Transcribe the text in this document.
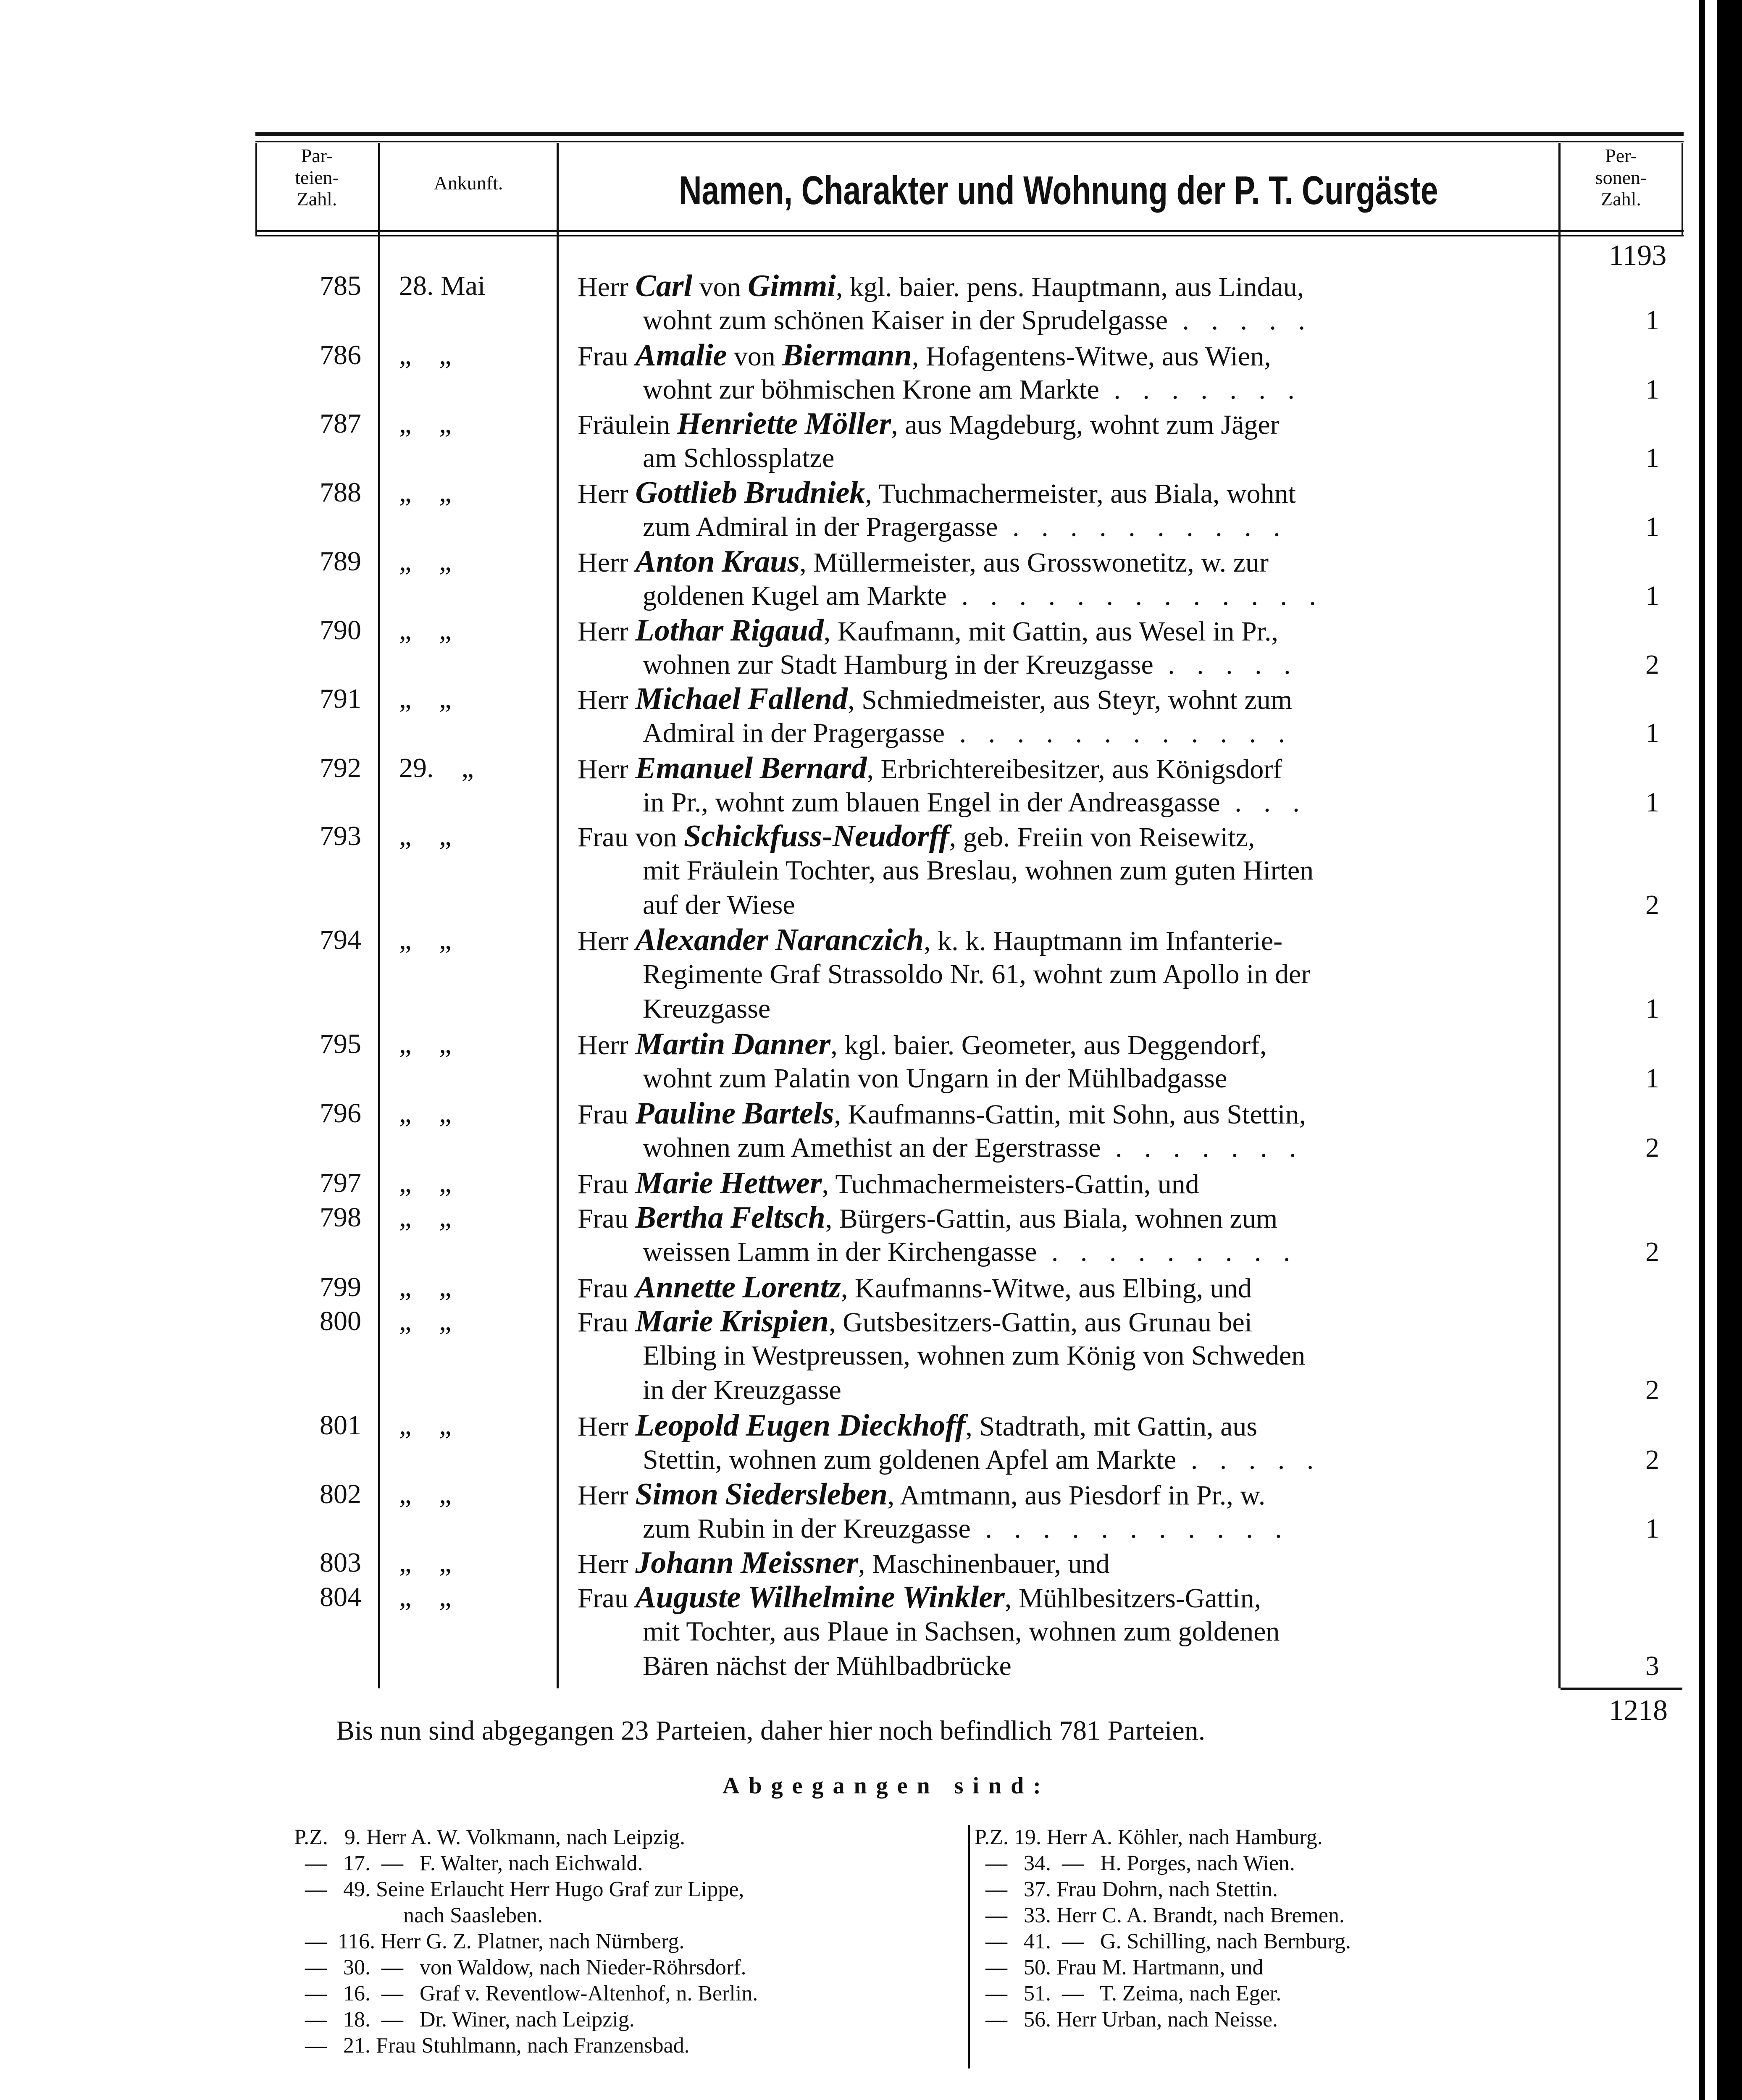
Par-
teien-
Zahl.
Ankunft.	Namen, Charakter und Wohnung der P. T. Curgäste
Per-
sonen-
Zahl.
1193
785 28. Mai	Herr Carl von Gimmi, kgl. baier. pens. Hauptmann, aus Lindau,
wohnt zum schönen Kaiser in der Sprudelgasse . . . . .	1
786 „    „	Frau Amalie von Biermann, Hofagentens-Witwe, aus Wien,
wohnt zur böhmischen Krone am Markte . . . . . . .	1
787 „    „	Fräulein Henriette Möller, aus Magdeburg, wohnt zum Jäger
am Schlossplatze	1
788 „    „	Herr Gottlieb Brudniek, Tuchmachermeister, aus Biala, wohnt
zum Admiral in der Pragergasse . . . . . . . . . .	1
789 „    „	Herr Anton Kraus, Müllermeister, aus Grosswonetitz, w. zur
goldenen Kugel am Markte . . . . . . . . . . . . .	1
790 „    „	Herr Lothar Rigaud, Kaufmann, mit Gattin, aus Wesel in Pr.,
wohnen zur Stadt Hamburg in der Kreuzgasse . . . . .	2
791 „    „	Herr Michael Fallend, Schmiedmeister, aus Steyr, wohnt zum
Admiral in der Pragergasse . . . . . . . . . . . .	1
792 29.    „	Herr Emanuel Bernard, Erbrichtereibesitzer, aus Königsdorf
in Pr., wohnt zum blauen Engel in der Andreasgasse . . .	1
793 „    „	Frau von Schickfuss-Neudorff, geb. Freiin von Reisewitz,
mit Fräulein Tochter, aus Breslau, wohnen zum guten Hirten
auf der Wiese	2
794 „    „	Herr Alexander Naranczich, k. k. Hauptmann im Infanterie-
Regimente Graf Strassoldo Nr. 61, wohnt zum Apollo in der
Kreuzgasse	1
795 „    „	Herr Martin Danner, kgl. baier. Geometer, aus Deggendorf,
wohnt zum Palatin von Ungarn in der Mühlbadgasse	1
796 „    „	Frau Pauline Bartels, Kaufmanns-Gattin, mit Sohn, aus Stettin,
wohnen zum Amethist an der Egerstrasse . . . . . . .	2
797 „    „	Frau Marie Hettwer, Tuchmachermeisters-Gattin, und
798 „    „	Frau Bertha Feltsch, Bürgers-Gattin, aus Biala, wohnen zum
weissen Lamm in der Kirchengasse . . . . . . . . .	2
799 „    „	Frau Annette Lorentz, Kaufmanns-Witwe, aus Elbing, und
800 „    „	Frau Marie Krispien, Gutsbesitzers-Gattin, aus Grunau bei
Elbing in Westpreussen, wohnen zum König von Schweden
in der Kreuzgasse	2
801 „    „	Herr Leopold Eugen Dieckhoff, Stadtrath, mit Gattin, aus
Stettin, wohnen zum goldenen Apfel am Markte . . . . .	2
802 „    „	Herr Simon Siedersleben, Amtmann, aus Piesdorf in Pr., w.
zum Rubin in der Kreuzgasse . . . . . . . . . . .	1
803 „    „	Herr Johann Meissner, Maschinenbauer, und
804 „    „	Frau Auguste Wilhelmine Winkler, Mühlbesitzers-Gattin,
mit Tochter, aus Plaue in Sachsen, wohnen zum goldenen
Bären nächst der Mühlbadbrücke	3
1218
Bis nun sind abgegangen 23 Parteien, daher hier noch befindlich 781 Parteien.
Abgegangen sind:
P.Z.   9. Herr A. W. Volkmann, nach Leipzig.
—   17.  —   F. Walter, nach Eichwald.
—   49. Seine Erlaucht Herr Hugo Graf zur Lippe,
nach Saasleben.
—  116. Herr G. Z. Platner, nach Nürnberg.
—   30.  —   von Waldow, nach Nieder-Röhrsdorf.
—   16.  —   Graf v. Reventlow-Altenhof, n. Berlin.
—   18.  —   Dr. Winer, nach Leipzig.
—   21. Frau Stuhlmann, nach Franzensbad.
P.Z. 19. Herr A. Köhler, nach Hamburg.
—   34.  —   H. Porges, nach Wien.
—   37. Frau Dohrn, nach Stettin.
—   33. Herr C. A. Brandt, nach Bremen.
—   41.  —   G. Schilling, nach Bernburg.
—   50. Frau M. Hartmann, und
—   51.  —   T. Zeima, nach Eger.
—   56. Herr Urban, nach Neisse.
